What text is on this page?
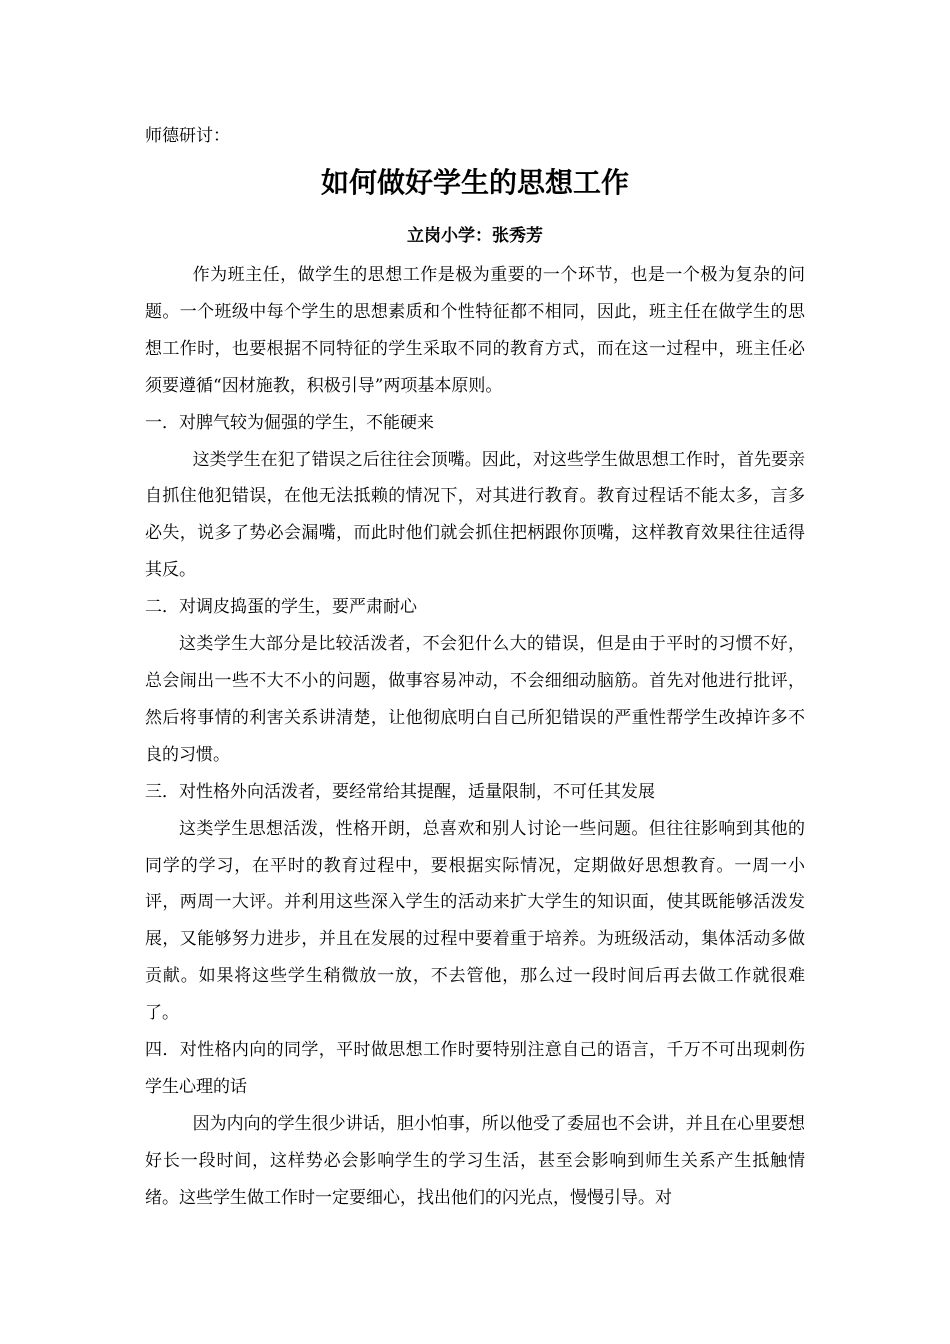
师德研讨：
如何做好学生的思想工作
立岗小学：张秀芳

作为班主任，做学生的思想工作是极为重要的一个环节，也是一个极为复杂的问题。一个班级中每个学生的思想素质和个性特征都不相同，因此，班主任在做学生的思想工作时，也要根据不同特征的学生采取不同的教育方式，而在这一过程中，班主任必须要遵循“因材施教，积极引导”两项基本原则。

一．对脾气较为倔强的学生，不能硬来

这类学生在犯了错误之后往往会顶嘴。因此，对这些学生做思想工作时，首先要亲自抓住他犯错误，在他无法抵赖的情况下，对其进行教育。教育过程话不能太多，言多必失，说多了势必会漏嘴，而此时他们就会抓住把柄跟你顶嘴，这样教育效果往往适得其反。

二．对调皮捣蛋的学生，要严肃耐心

这类学生大部分是比较活泼者，不会犯什么大的错误，但是由于平时的习惯不好，总会闹出一些不大不小的问题，做事容易冲动，不会细细动脑筋。首先对他进行批评，然后将事情的利害关系讲清楚，让他彻底明白自己所犯错误的严重性帮学生改掉许多不良的习惯。

三．对性格外向活泼者，要经常给其提醒，适量限制，不可任其发展

这类学生思想活泼，性格开朗，总喜欢和别人讨论一些问题。但往往影响到其他的同学的学习，在平时的教育过程中，要根据实际情况，定期做好思想教育。一周一小评，两周一大评。并利用这些深入学生的活动来扩大学生的知识面，使其既能够活泼发展，又能够努力进步，并且在发展的过程中要着重于培养。为班级活动，集体活动多做贡献。如果将这些学生稍微放一放，不去管他，那么过一段时间后再去做工作就很难了。

四．对性格内向的同学，平时做思想工作时要特别注意自己的语言，千万不可出现刺伤学生心理的话

因为内向的学生很少讲话，胆小怕事，所以他受了委屈也不会讲，并且在心里要想好长一段时间，这样势必会影响学生的学习生活，甚至会影响到师生关系产生抵触情绪。这些学生做工作时一定要细心，找出他们的闪光点，慢慢引导。对
